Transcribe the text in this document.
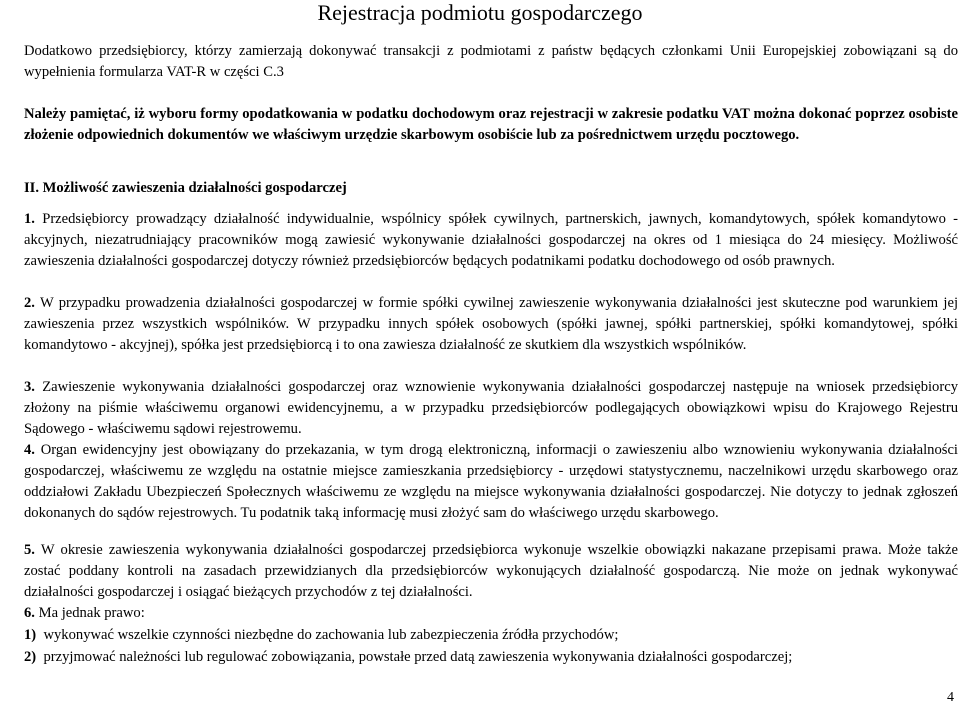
Rejestracja podmiotu gospodarczego
Dodatkowo przedsiębiorcy, którzy zamierzają dokonywać transakcji z podmiotami z państw będących członkami Unii Europejskiej zobowiązani są do wypełnienia formularza VAT-R w części C.3
Należy pamiętać, iż wyboru formy opodatkowania w podatku dochodowym oraz rejestracji w zakresie podatku VAT można dokonać poprzez osobiste złożenie odpowiednich dokumentów we właściwym urzędzie skarbowym osobiście lub za pośrednictwem urzędu pocztowego.
II. Możliwość zawieszenia działalności gospodarczej
1. Przedsiębiorcy prowadzący działalność indywidualnie, wspólnicy spółek cywilnych, partnerskich, jawnych, komandytowych, spółek komandytowo - akcyjnych, niezatrudniający pracowników mogą zawiesić wykonywanie działalności gospodarczej na okres od 1 miesiąca do 24 miesięcy. Możliwość zawieszenia działalności gospodarczej dotyczy również przedsiębiorców będących podatnikami podatku dochodowego od osób prawnych.
2. W przypadku prowadzenia działalności gospodarczej w formie spółki cywilnej zawieszenie wykonywania działalności jest skuteczne pod warunkiem jej zawieszenia przez wszystkich wspólników. W przypadku innych spółek osobowych (spółki jawnej, spółki partnerskiej, spółki komandytowej, spółki komandytowo - akcyjnej), spółka jest przedsiębiorcą i to ona zawiesza działalność ze skutkiem dla wszystkich wspólników.
3. Zawieszenie wykonywania działalności gospodarczej oraz wznowienie wykonywania działalności gospodarczej następuje na wniosek przedsiębiorcy złożony na piśmie właściwemu organowi ewidencyjnemu, a w przypadku przedsiębiorców podlegających obowiązkowi wpisu do Krajowego Rejestru Sądowego - właściwemu sądowi rejestrowemu.
4. Organ ewidencyjny jest obowiązany do przekazania, w tym drogą elektroniczną, informacji o zawieszeniu albo wznowieniu wykonywania działalności gospodarczej, właściwemu ze względu na ostatnie miejsce zamieszkania przedsiębiorcy - urzędowi statystycznemu, naczelnikowi urzędu skarbowego oraz oddziałowi Zakładu Ubezpieczeń Społecznych właściwemu ze względu na miejsce wykonywania działalności gospodarczej. Nie dotyczy to jednak zgłoszeń dokonanych do sądów rejestrowych. Tu podatnik taką informację musi złożyć sam do właściwego urzędu skarbowego.
5. W okresie zawieszenia wykonywania działalności gospodarczej przedsiębiorca wykonuje wszelkie obowiązki nakazane przepisami prawa. Może także zostać poddany kontroli na zasadach przewidzianych dla przedsiębiorców wykonujących działalność gospodarczą. Nie może on jednak wykonywać działalności gospodarczej i osiągać bieżących przychodów z tej działalności.
6. Ma jednak prawo:
1) wykonywać wszelkie czynności niezbędne do zachowania lub zabezpieczenia źródła przychodów;
2) przyjmować należności lub regulować zobowiązania, powstałe przed datą zawieszenia wykonywania działalności gospodarczej;
4
